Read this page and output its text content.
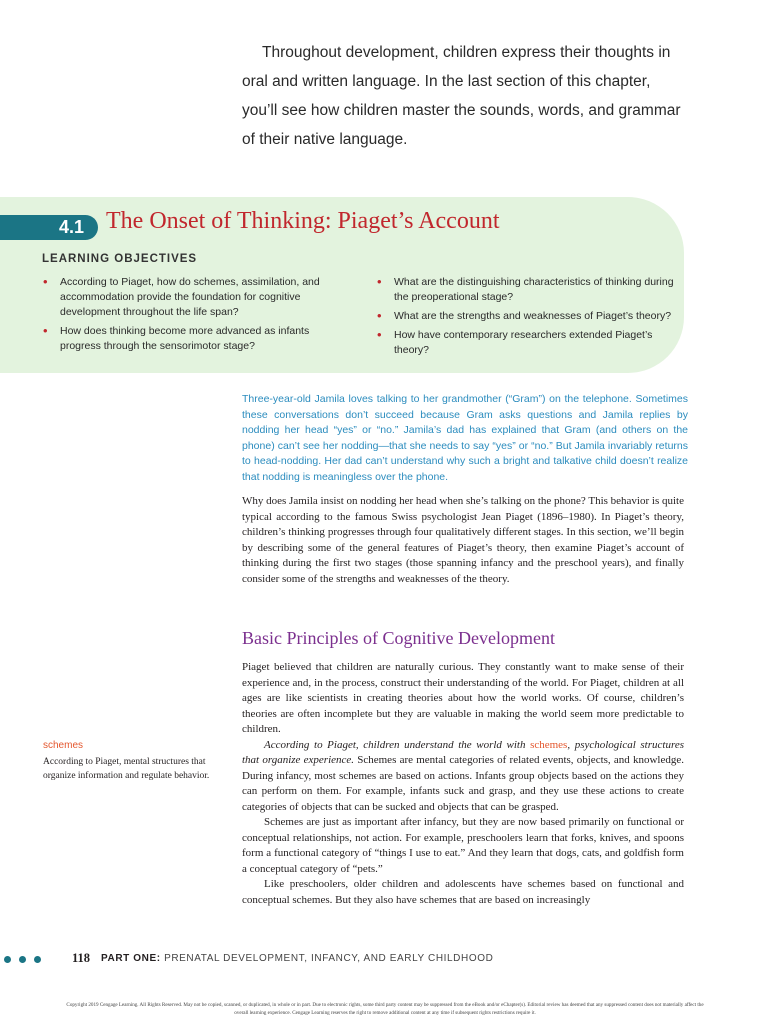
Throughout development, children express their thoughts in oral and written language. In the last section of this chapter, you’ll see how children master the sounds, words, and grammar of their native language.

4.1 The Onset of Thinking: Piaget’s Account
LEARNING OBJECTIVES
• According to Piaget, how do schemes, assimilation, and accommodation provide the foundation for cognitive development throughout the life span?
• How does thinking become more advanced as infants progress through the sensorimotor stage?
• What are the distinguishing characteristics of thinking during the preoperational stage?
• What are the strengths and weaknesses of Piaget’s theory?
• How have contemporary researchers extended Piaget’s theory?
Three-year-old Jamila loves talking to her grandmother (“Gram”) on the telephone. Sometimes these conversations don’t succeed because Gram asks questions and Jamila replies by nodding her head “yes” or “no.” Jamila’s dad has explained that Gram (and others on the phone) can’t see her nodding—that she needs to say “yes” or “no.” But Jamila invariably returns to head-nodding. Her dad can’t understand why such a bright and talkative child doesn’t realize that nodding is meaningless over the phone.

Why does Jamila insist on nodding her head when she’s talking on the phone? This behavior is quite typical according to the famous Swiss psychologist Jean Piaget (1896–1980). In Piaget’s theory, children’s thinking progresses through four qualitatively different stages. In this section, we’ll begin by describing some of the general features of Piaget’s theory, then examine Piaget’s account of thinking during the first two stages (those spanning infancy and the preschool years), and finally consider some of the strengths and weaknesses of the theory.

Basic Principles of Cognitive Development

Piaget believed that children are naturally curious. They constantly want to make sense of their experience and, in the process, construct their understanding of the world. For Piaget, children at all ages are like scientists in creating theories about how the world works. Of course, children’s theories are often incomplete but they are valuable in making the world seem more predictable to children.

According to Piaget, children understand the world with schemes, psychological structures that organize experience. Schemes are mental categories of related events, objects, and knowledge. During infancy, most schemes are based on actions. Infants group objects based on the actions they can perform on them. For example, infants suck and grasp, and they use these actions to create categories of objects that can be sucked and objects that can be grasped.

Schemes are just as important after infancy, but they are now based primarily on functional or conceptual relationships, not action. For example, preschoolers learn that forks, knives, and spoons form a functional category of “things I use to eat.” And they learn that dogs, cats, and goldfish form a conceptual category of “pets.”

Like preschoolers, older children and adolescents have schemes based on functional and conceptual schemes. But they also have schemes that are based on increasingly

schemes
According to Piaget, mental structures that organize information and regulate behavior.
118 PART ONE: PRENATAL DEVELOPMENT, INFANCY, AND EARLY CHILDHOOD
Copyright 2019 Cengage Learning. All Rights Reserved. May not be copied, scanned, or duplicated, in whole or in part. Due to electronic rights, some third party content may be suppressed from the eBook and/or eChapter(s). Editorial review has deemed that any suppressed content does not materially affect the overall learning experience. Cengage Learning reserves the right to remove additional content at any time if subsequent rights restrictions require it.
